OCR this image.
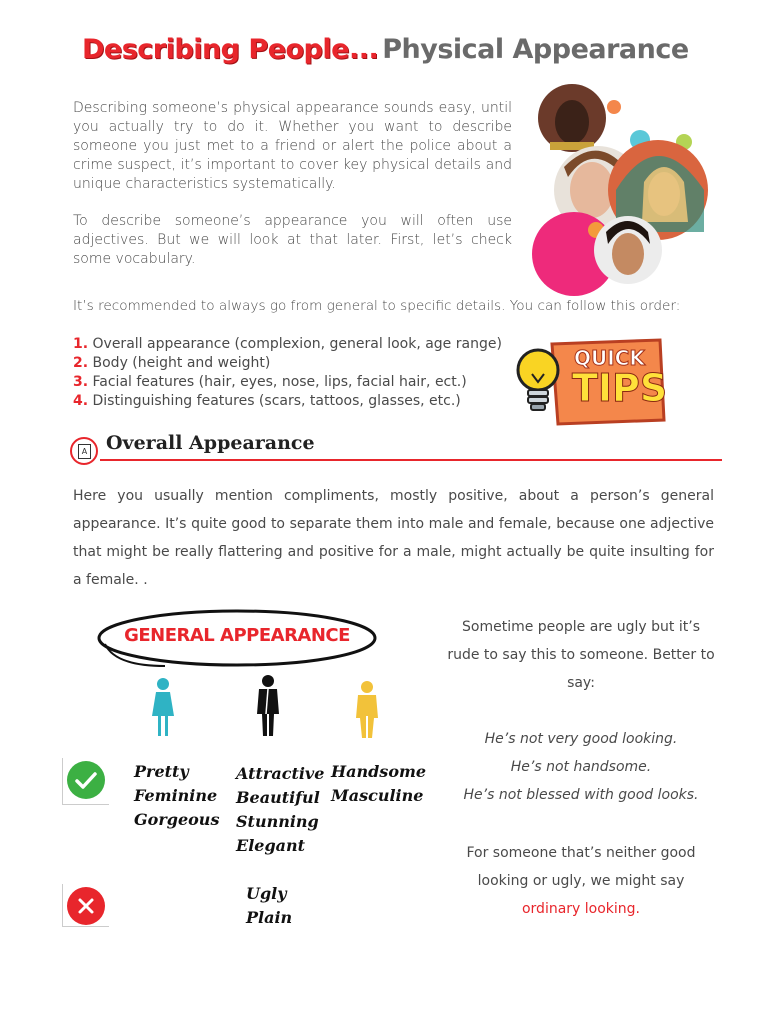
Describing People... Physical Appearance
Describing someone’s physical appearance sounds easy, until you actually try to do it. Whether you want to describe someone you just met to a friend or alert the police about a crime suspect, it’s important to cover key physical details and unique characteristics systematically.
To describe someone’s appearance you will often use adjectives. But we will look at that later. First, let’s check some vocabulary.
It’s recommended to always go from general to specific details. You can follow this order:
1. Overall appearance (complexion, general look, age range)
2. Body (height and weight)
3. Facial features (hair, eyes, nose, lips, facial hair, ect.)
4. Distinguishing features (scars, tattoos, glasses, etc.)
QUICK
TIPS
A Overall Appearance
Here you usually mention compliments, mostly positive, about a person’s general appearance. It’s quite good to separate them into male and female, because one adjective that might be really flattering and positive for a male, might actually be quite insulting for a female. .
GENERAL APPEARANCE
Pretty
Feminine
Gorgeous
Attractive
Beautiful
Stunning
Elegant
Handsome
Masculine
Ugly
Plain
Sometime people are ugly but it’s rude to say this to someone. Better to say:
He’s not very good looking.
He’s not handsome.
He’s not blessed with good looks.
For someone that’s neither good looking or ugly, we might say
ordinary looking.
